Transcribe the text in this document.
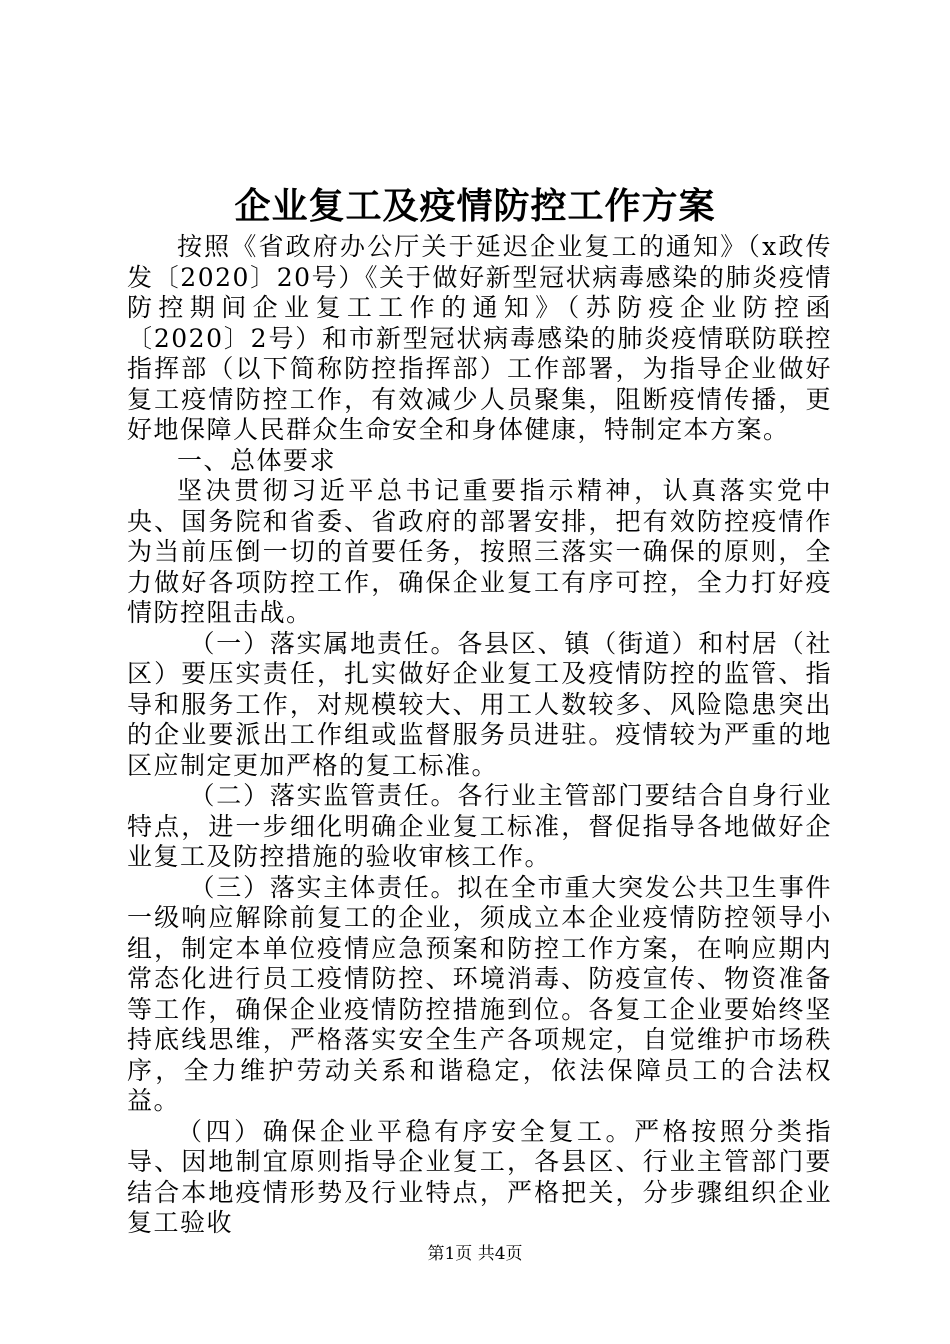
企业复工及疫情防控工作方案

按照《省政府办公厅关于延迟企业复工的通知》（x政传发〔2020〕20号）《关于做好新型冠状病毒感染的肺炎疫情防控期间企业复工工作的通知》（苏防疫企业防控函〔2020〕2号）和市新型冠状病毒感染的肺炎疫情联防联控指挥部（以下简称防控指挥部）工作部署，为指导企业做好复工疫情防控工作，有效减少人员聚集，阻断疫情传播，更好地保障人民群众生命安全和身体健康，特制定本方案。

一、总体要求

坚决贯彻习近平总书记重要指示精神，认真落实党中央、国务院和省委、省政府的部署安排，把有效防控疫情作为当前压倒一切的首要任务，按照三落实一确保的原则，全力做好各项防控工作，确保企业复工有序可控，全力打好疫情防控阻击战。

（一）落实属地责任。各县区、镇（街道）和村居（社区）要压实责任，扎实做好企业复工及疫情防控的监管、指导和服务工作，对规模较大、用工人数较多、风险隐患突出的企业要派出工作组或监督服务员进驻。疫情较为严重的地区应制定更加严格的复工标准。

（二）落实监管责任。各行业主管部门要结合自身行业特点，进一步细化明确企业复工标准，督促指导各地做好企业复工及防控措施的验收审核工作。

（三）落实主体责任。拟在全市重大突发公共卫生事件一级响应解除前复工的企业，须成立本企业疫情防控领导小组，制定本单位疫情应急预案和防控工作方案，在响应期内常态化进行员工疫情防控、环境消毒、防疫宣传、物资准备等工作，确保企业疫情防控措施到位。各复工企业要始终坚持底线思维，严格落实安全生产各项规定，自觉维护市场秩序，全力维护劳动关系和谐稳定，依法保障员工的合法权益。

（四）确保企业平稳有序安全复工。严格按照分类指导、因地制宜原则指导企业复工，各县区、行业主管部门要结合本地疫情形势及行业特点，严格把关，分步骤组织企业复工验收

第1页 共4页
